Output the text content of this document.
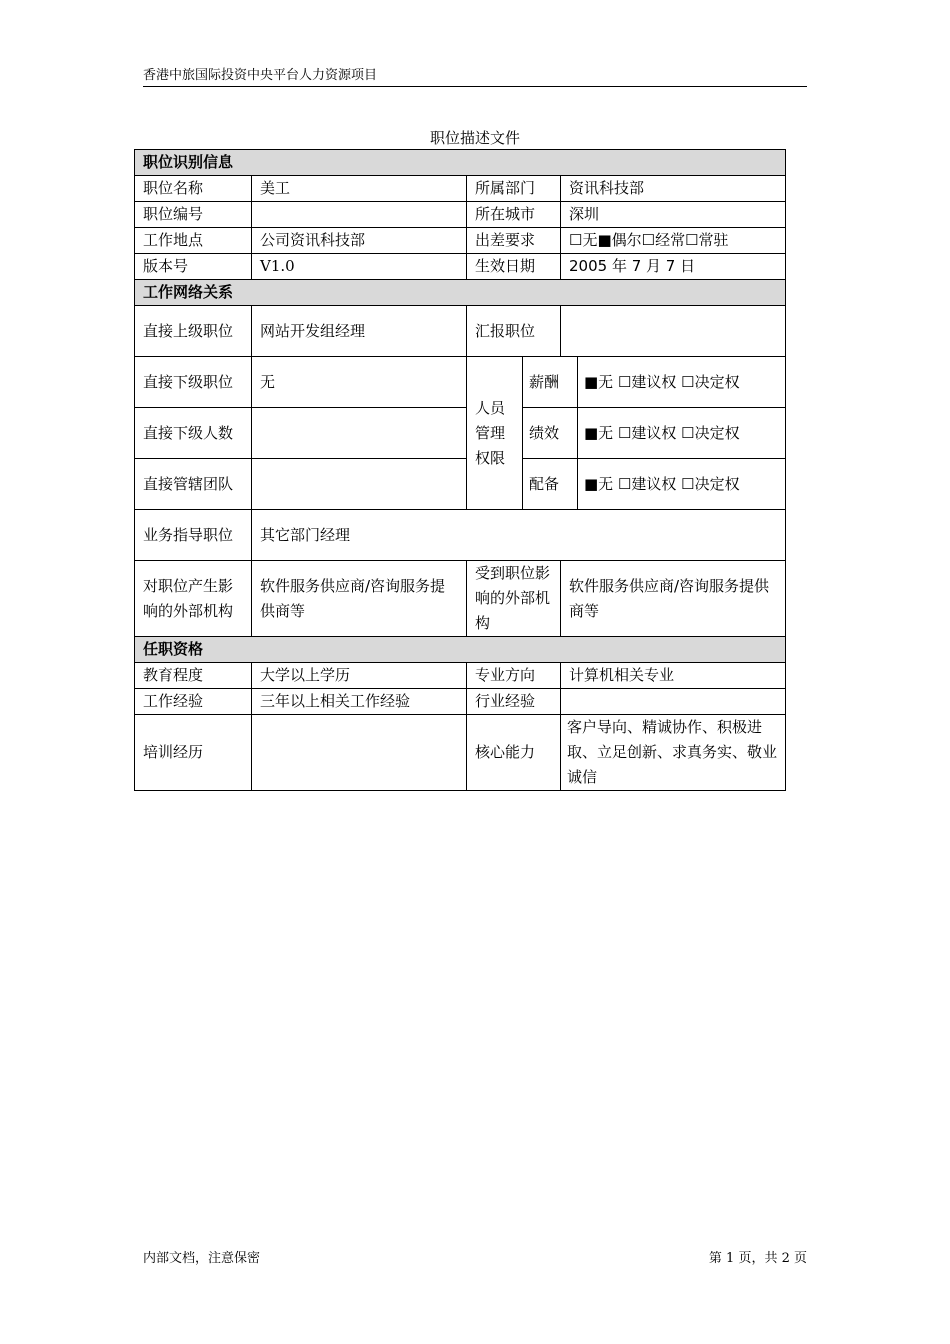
香港中旅国际投资中央平台人力资源项目
职位描述文件
职位识别信息					
职位名称	美工	所属部门		资讯科技部	
职位编号		所在城市		深圳	
工作地点	公司资讯科技部	出差要求		☐无■偶尔☐经常☐常驻	
版本号	V1.0	生效日期		2005 年 7 月 7 日	
工作网络关系					
直接上级职位	网站开发组经理	汇报职位			
直接下级职位	无	人员管理权限	薪酬		■无 ☐建议权 ☐决定权
直接下级人数			绩效		■无 ☐建议权 ☐决定权
直接管辖团队			配备		■无 ☐建议权 ☐决定权
业务指导职位	其它部门经理				
对职位产生影响的外部机构	软件服务供应商/咨询服务提供商等	受到职位影响的外部机构		软件服务供应商/咨询服务提供商等	
任职资格					
教育程度	大学以上学历	专业方向		计算机相关专业	
工作经验	三年以上相关工作经验	行业经验			
培训经历		核心能力		客户导向、精诚协作、积极进取、立足创新、求真务实、敬业诚信	
内部文档，注意保密	第 1 页，共 2 页
